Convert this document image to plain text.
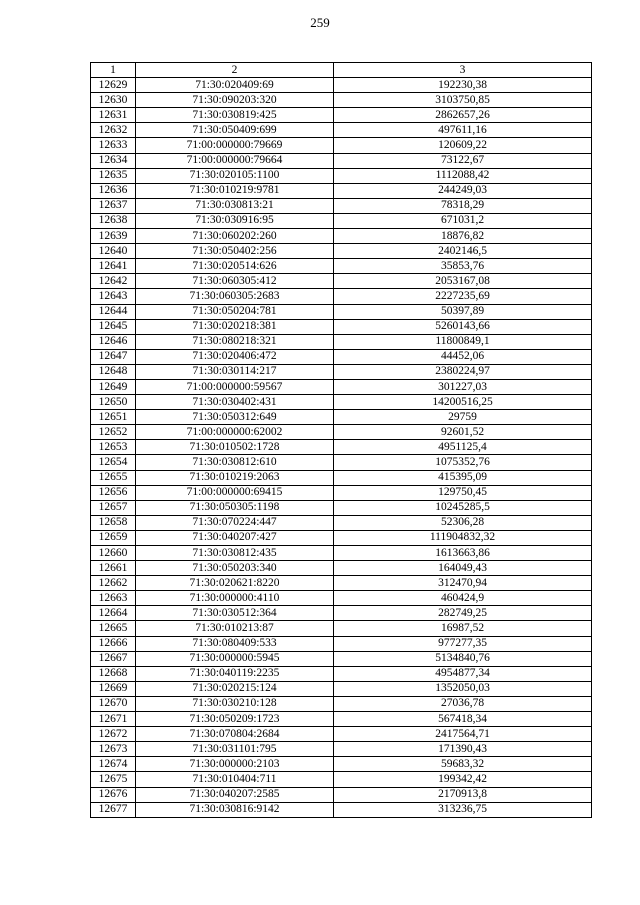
259
1	2	3
12629	71:30:020409:69	192230,38
12630	71:30:090203:320	3103750,85
12631	71:30:030819:425	2862657,26
12632	71:30:050409:699	497611,16
12633	71:00:000000:79669	120609,22
12634	71:00:000000:79664	73122,67
12635	71:30:020105:1100	1112088,42
12636	71:30:010219:9781	244249,03
12637	71:30:030813:21	78318,29
12638	71:30:030916:95	671031,2
12639	71:30:060202:260	18876,82
12640	71:30:050402:256	2402146,5
12641	71:30:020514:626	35853,76
12642	71:30:060305:412	2053167,08
12643	71:30:060305:2683	2227235,69
12644	71:30:050204:781	50397,89
12645	71:30:020218:381	5260143,66
12646	71:30:080218:321	11800849,1
12647	71:30:020406:472	44452,06
12648	71:30:030114:217	2380224,97
12649	71:00:000000:59567	301227,03
12650	71:30:030402:431	14200516,25
12651	71:30:050312:649	29759
12652	71:00:000000:62002	92601,52
12653	71:30:010502:1728	4951125,4
12654	71:30:030812:610	1075352,76
12655	71:30:010219:2063	415395,09
12656	71:00:000000:69415	129750,45
12657	71:30:050305:1198	10245285,5
12658	71:30:070224:447	52306,28
12659	71:30:040207:427	111904832,32
12660	71:30:030812:435	1613663,86
12661	71:30:050203:340	164049,43
12662	71:30:020621:8220	312470,94
12663	71:30:000000:4110	460424,9
12664	71:30:030512:364	282749,25
12665	71:30:010213:87	16987,52
12666	71:30:080409:533	977277,35
12667	71:30:000000:5945	5134840,76
12668	71:30:040119:2235	4954877,34
12669	71:30:020215:124	1352050,03
12670	71:30:030210:128	27036,78
12671	71:30:050209:1723	567418,34
12672	71:30:070804:2684	2417564,71
12673	71:30:031101:795	171390,43
12674	71:30:000000:2103	59683,32
12675	71:30:010404:711	199342,42
12676	71:30:040207:2585	2170913,8
12677	71:30:030816:9142	313236,75
